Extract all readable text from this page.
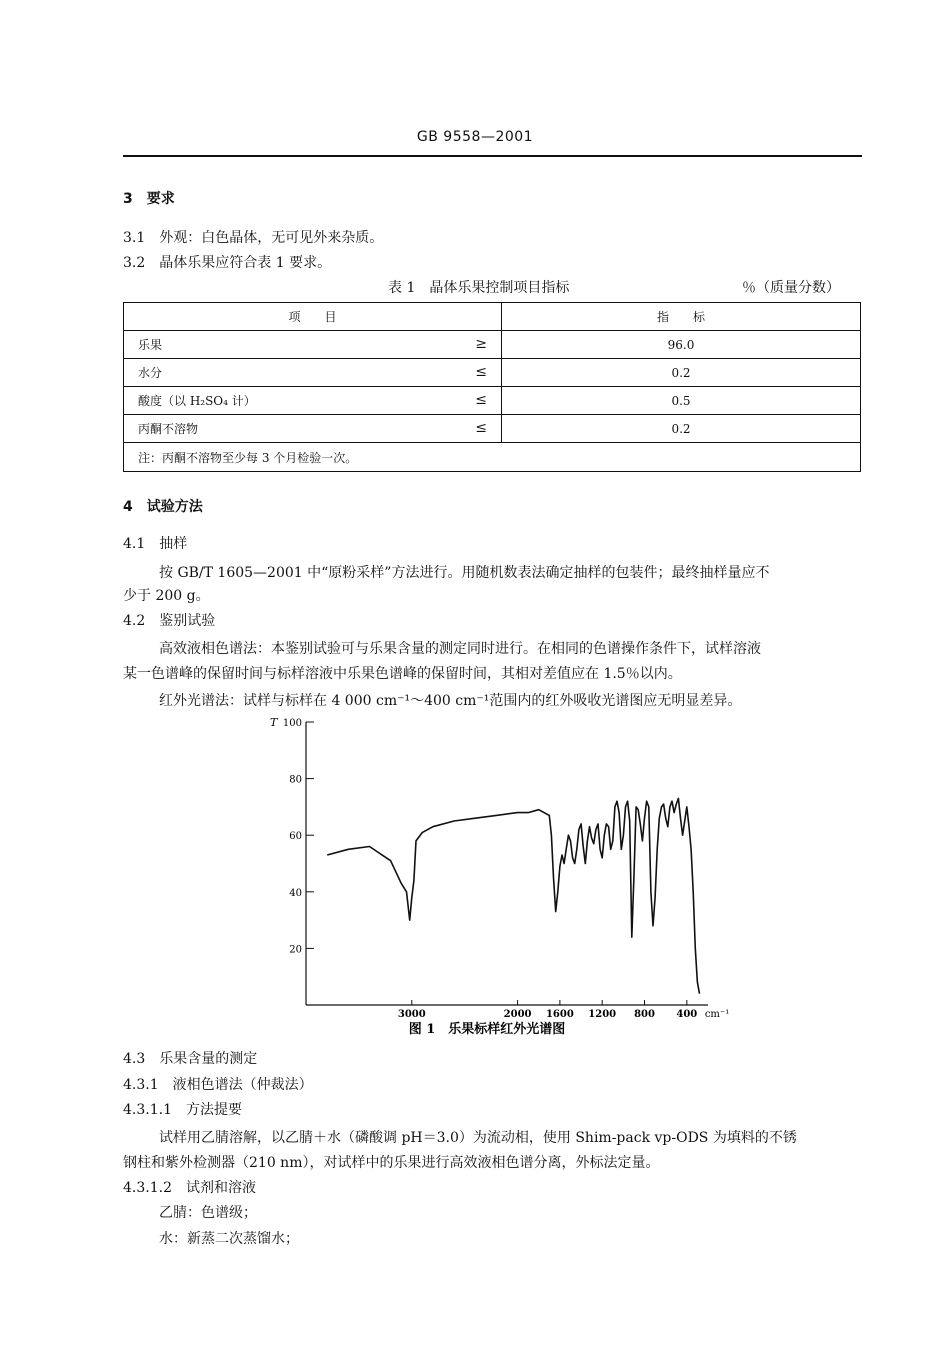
GB 9558—2001
3　要求
3.1　外观：白色晶体，无可见外来杂质。
3.2　晶体乐果应符合表 1 要求。
表 1　晶体乐果控制项目指标	％（质量分数）
项　　目	指　　标
乐果 ≥	96.0
水分 ≤	0.2
酸度（以 H₂SO₄ 计） ≤	0.5
丙酮不溶物 ≤	0.2
注：丙酮不溶物至少每 3 个月检验一次。	
4　试验方法
4.1　抽样
按 GB/T 1605—2001 中“原粉采样”方法进行。用随机数表法确定抽样的包装件；最终抽样量应不
少于 200 g。
4.2　鉴别试验
高效液相色谱法：本鉴别试验可与乐果含量的测定同时进行。在相同的色谱操作条件下，试样溶液
某一色谱峰的保留时间与标样溶液中乐果色谱峰的保留时间，其相对差值应在 1.5％以内。
红外光谱法：试样与标样在 4 000 cm⁻¹～400 cm⁻¹范围内的红外吸收光谱图应无明显差异。
100
80
60
40
20
3000	2000 1600 1200 800 400
T
cm⁻¹
图 1　乐果标样红外光谱图
4.3　乐果含量的测定
4.3.1　液相色谱法（仲裁法）
4.3.1.1　方法提要
试样用乙腈溶解，以乙腈＋水（磷酸调 pH＝3.0）为流动相，使用 Shim-pack vp-ODS 为填料的不锈
钢柱和紫外检测器（210 nm），对试样中的乐果进行高效液相色谱分离，外标法定量。
4.3.1.2　试剂和溶液
乙腈：色谱级；
水：新蒸二次蒸馏水；
